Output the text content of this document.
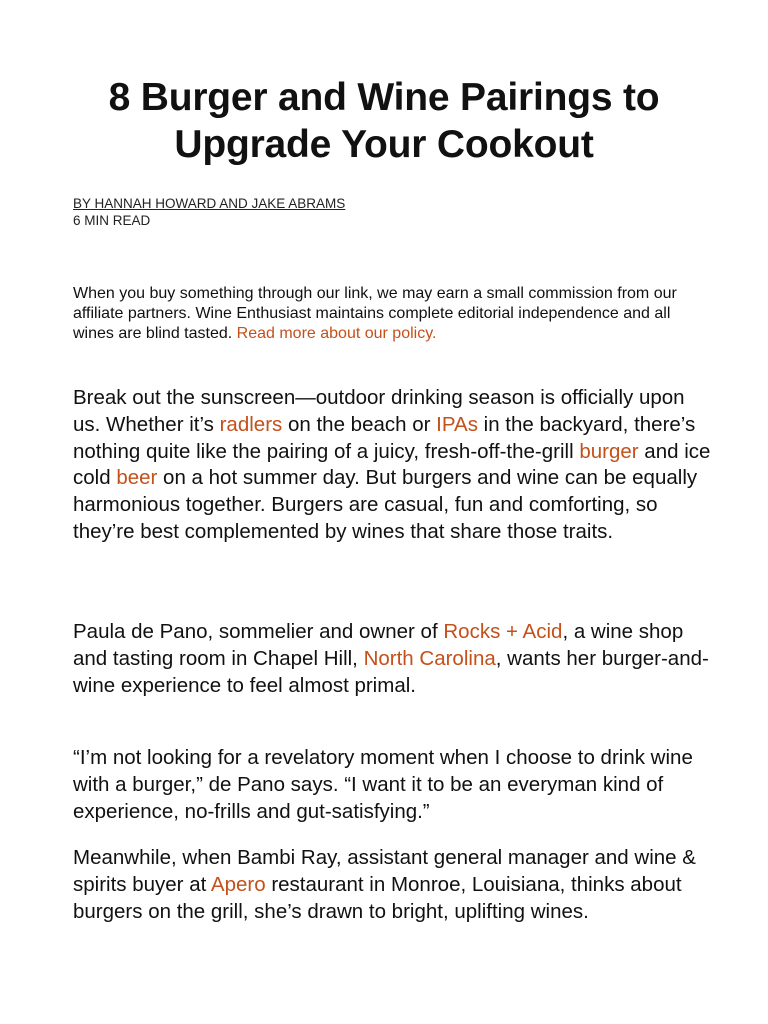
8 Burger and Wine Pairings to Upgrade Your Cookout
BY HANNAH HOWARD AND JAKE ABRAMS
6 MIN READ

When you buy something through our link, we may earn a small commission from our affiliate partners. Wine Enthusiast maintains complete editorial independence and all wines are blind tasted. Read more about our policy.

Break out the sunscreen—outdoor drinking season is officially upon us. Whether it’s radlers on the beach or IPAs in the backyard, there’s nothing quite like the pairing of a juicy, fresh-off-the-grill burger and ice cold beer on a hot summer day. But burgers and wine can be equally harmonious together. Burgers are casual, fun and comforting, so they’re best complemented by wines that share those traits.

Paula de Pano, sommelier and owner of Rocks + Acid, a wine shop and tasting room in Chapel Hill, North Carolina, wants her burger-and-wine experience to feel almost primal.

“I’m not looking for a revelatory moment when I choose to drink wine with a burger,” de Pano says. “I want it to be an everyman kind of experience, no-frills and gut-satisfying.”

Meanwhile, when Bambi Ray, assistant general manager and wine & spirits buyer at Apero restaurant in Monroe, Louisiana, thinks about burgers on the grill, she’s drawn to bright, uplifting wines.
